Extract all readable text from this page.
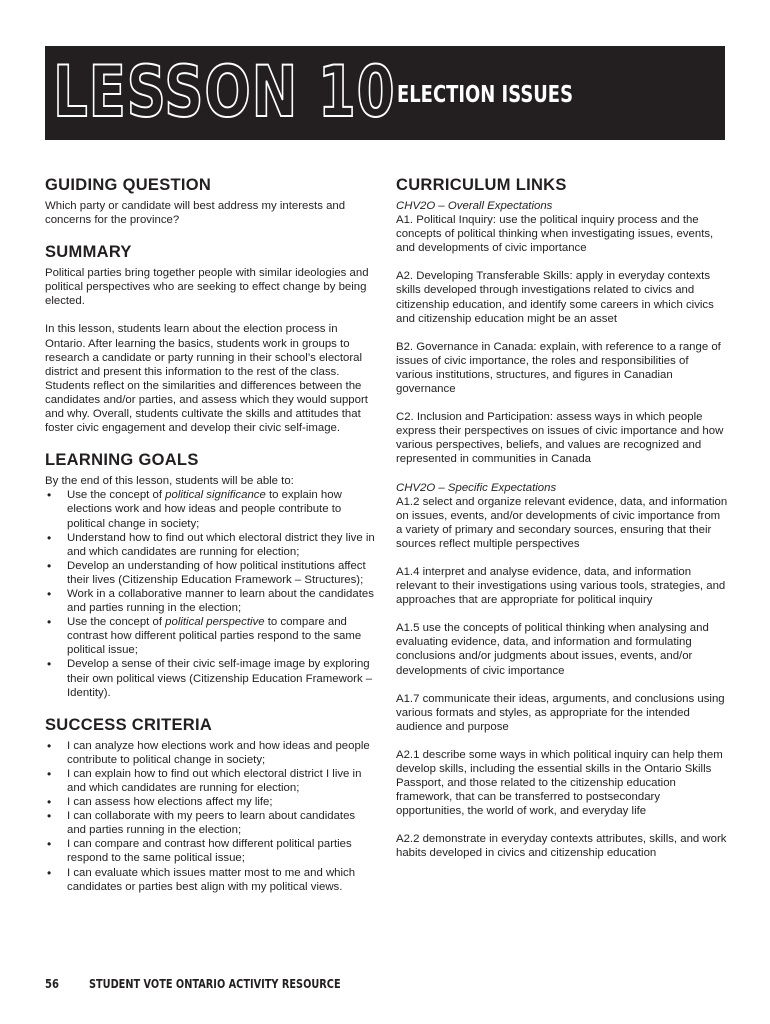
LESSON 10 ELECTION ISSUES
GUIDING QUESTION

Which party or candidate will best address my interests and concerns for the province?

SUMMARY

Political parties bring together people with similar ideologies and political perspectives who are seeking to effect change by being elected.

In this lesson, students learn about the election process in Ontario. After learning the basics, students work in groups to research a candidate or party running in their school’s electoral district and present this information to the rest of the class. Students reflect on the similarities and differences between the candidates and/or parties, and assess which they would support and why. Overall, students cultivate the skills and attitudes that foster civic engagement and develop their civic self-image.

LEARNING GOALS

By the end of this lesson, students will be able to:

• Use the concept of political significance to explain how elections work and how ideas and people contribute to political change in society;
• Understand how to find out which electoral district they live in and which candidates are running for election;
• Develop an understanding of how political institutions affect their lives (Citizenship Education Framework – Structures);
• Work in a collaborative manner to learn about the candidates and parties running in the election;
• Use the concept of political perspective to compare and contrast how different political parties respond to the same political issue;
• Develop a sense of their civic self-image image by exploring their own political views (Citizenship Education Framework – Identity).
SUCCESS CRITERIA
• I can analyze how elections work and how ideas and people contribute to political change in society;
• I can explain how to find out which electoral district I live in and which candidates are running for election;
• I can assess how elections affect my life;
• I can collaborate with my peers to learn about candidates and parties running in the election;
• I can compare and contrast how different political parties respond to the same political issue;
• I can evaluate which issues matter most to me and which candidates or parties best align with my political views.
CURRICULUM LINKS

CHV2O – Overall Expectations

A1. Political Inquiry: use the political inquiry process and the concepts of political thinking when investigating issues, events, and developments of civic importance

A2. Developing Transferable Skills: apply in everyday contexts skills developed through investigations related to civics and citizenship education, and identify some careers in which civics and citizenship education might be an asset

B2. Governance in Canada: explain, with reference to a range of issues of civic importance, the roles and responsibilities of various institutions, structures, and figures in Canadian governance

C2. Inclusion and Participation: assess ways in which people express their perspectives on issues of civic importance and how various perspectives, beliefs, and values are recognized and represented in communities in Canada

CHV2O – Specific Expectations

A1.2 select and organize relevant evidence, data, and information on issues, events, and/or developments of civic importance from a variety of primary and secondary sources, ensuring that their sources reflect multiple perspectives

A1.4 interpret and analyse evidence, data, and information relevant to their investigations using various tools, strategies, and approaches that are appropriate for political inquiry

A1.5 use the concepts of political thinking when analysing and evaluating evidence, data, and information and formulating conclusions and/or judgments about issues, events, and/or developments of civic importance

A1.7 communicate their ideas, arguments, and conclusions using various formats and styles, as appropriate for the intended audience and purpose

A2.1 describe some ways in which political inquiry can help them develop skills, including the essential skills in the Ontario Skills Passport, and those related to the citizenship education framework, that can be transferred to postsecondary opportunities, the world of work, and everyday life

A2.2 demonstrate in everyday contexts attributes, skills, and work habits developed in civics and citizenship education

56 STUDENT VOTE ONTARIO ACTIVITY RESOURCE
